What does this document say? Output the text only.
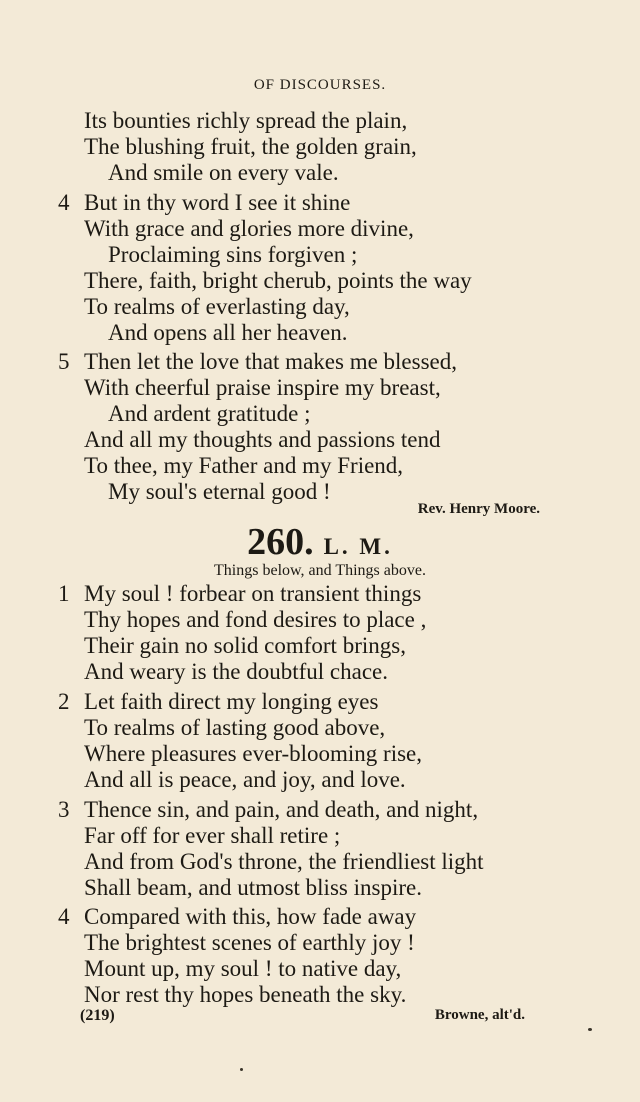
OF DISCOURSES.
Its bounties richly spread the plain,
The blushing fruit, the golden grain,
And smile on every vale.
4 But in thy word I see it shine
With grace and glories more divine,
Proclaiming sins forgiven ;
There, faith, bright cherub, points the way
To realms of everlasting day,
And opens all her heaven.
5 Then let the love that makes me blessed,
With cheerful praise inspire my breast,
And ardent gratitude ;
And all my thoughts and passions tend
To thee, my Father and my Friend,
My soul's eternal good !
Rev. Henry Moore.
260. L. M.
Things below, and Things above.
1 My soul ! forbear on transient things
Thy hopes and fond desires to place ,
Their gain no solid comfort brings,
And weary is the doubtful chace.
2 Let faith direct my longing eyes
To realms of lasting good above,
Where pleasures ever-blooming rise,
And all is peace, and joy, and love.
3 Thence sin, and pain, and death, and night,
Far off for ever shall retire ;
And from God's throne, the friendliest light
Shall beam, and utmost bliss inspire.
4 Compared with this, how fade away
The brightest scenes of earthly joy !
Mount up, my soul ! to native day,
Nor rest thy hopes beneath the sky.
(219)	Browne, alt'd.
